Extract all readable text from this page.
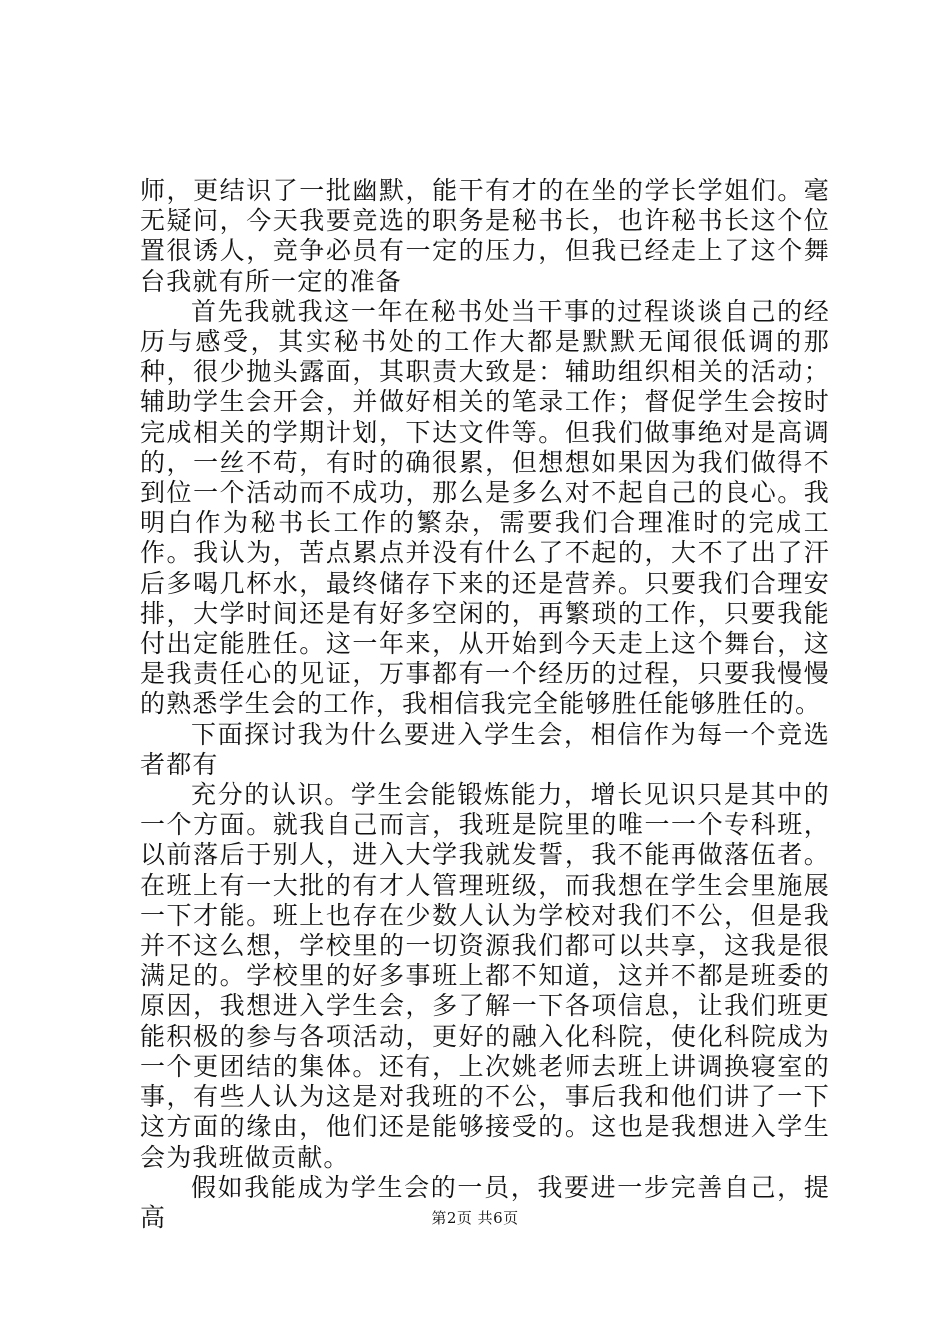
师，更结识了一批幽默，能干有才的在坐的学长学姐们。毫无疑问，今天我要竞选的职务是秘书长，也许秘书长这个位置很诱人，竞争必员有一定的压力，但我已经走上了这个舞台我就有所一定的准备

首先我就我这一年在秘书处当干事的过程谈谈自己的经历与感受，其实秘书处的工作大都是默默无闻很低调的那种，很少抛头露面，其职责大致是：辅助组织相关的活动；辅助学生会开会，并做好相关的笔录工作；督促学生会按时完成相关的学期计划，下达文件等。但我们做事绝对是高调的，一丝不苟，有时的确很累，但想想如果因为我们做得不到位一个活动而不成功，那么是多么对不起自己的良心。我明白作为秘书长工作的繁杂，需要我们合理准时的完成工作。我认为，苦点累点并没有什么了不起的，大不了出了汗后多喝几杯水，最终储存下来的还是营养。只要我们合理安排，大学时间还是有好多空闲的，再繁琐的工作，只要我能付出定能胜任。这一年来，从开始到今天走上这个舞台，这是我责任心的见证，万事都有一个经历的过程，只要我慢慢的熟悉学生会的工作，我相信我完全能够胜任能够胜任的。

下面探讨我为什么要进入学生会，相信作为每一个竞选者都有

充分的认识。学生会能锻炼能力，增长见识只是其中的一个方面。就我自己而言，我班是院里的唯一一个专科班，以前落后于别人，进入大学我就发誓，我不能再做落伍者。在班上有一大批的有才人管理班级，而我想在学生会里施展一下才能。班上也存在少数人认为学校对我们不公，但是我并不这么想，学校里的一切资源我们都可以共享，这我是很满足的。学校里的好多事班上都不知道，这并不都是班委的原因，我想进入学生会，多了解一下各项信息，让我们班更能积极的参与各项活动，更好的融入化科院，使化科院成为一个更团结的集体。还有，上次姚老师去班上讲调换寝室的事，有些人认为这是对我班的不公，事后我和他们讲了一下这方面的缘由，他们还是能够接受的。这也是我想进入学生会为我班做贡献。

假如我能成为学生会的一员，我要进一步完善自己，提高	第2页 共6页
